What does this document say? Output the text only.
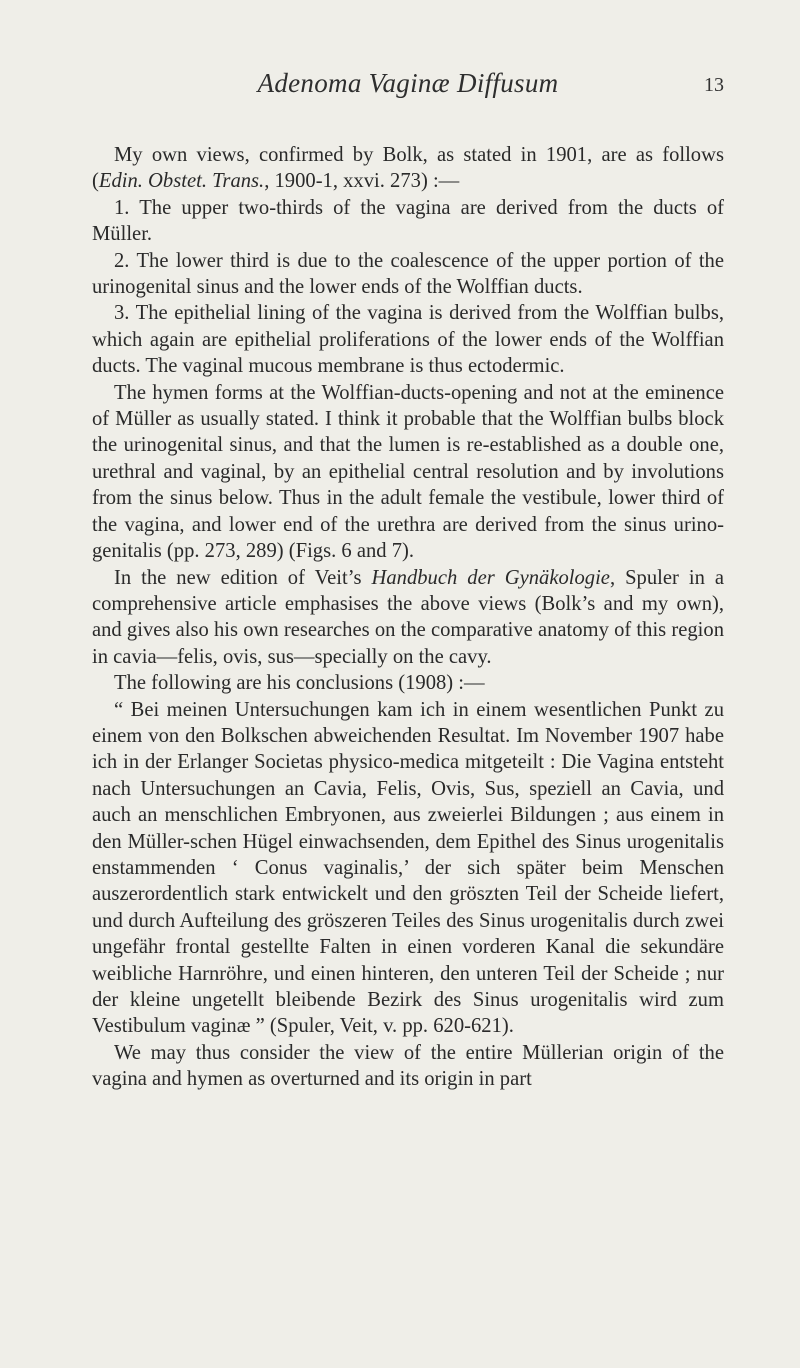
Adenoma Vaginæ Diffusum	13

My own views, confirmed by Bolk, as stated in 1901, are as follows (Edin. Obstet. Trans., 1900-1, xxvi. 273) :—

1. The upper two-thirds of the vagina are derived from the ducts of Müller.

2. The lower third is due to the coalescence of the upper portion of the urinogenital sinus and the lower ends of the Wolffian ducts.

3. The epithelial lining of the vagina is derived from the Wolffian bulbs, which again are epithelial proliferations of the lower ends of the Wolffian ducts. The vaginal mucous membrane is thus ectodermic.

The hymen forms at the Wolffian-ducts-opening and not at the eminence of Müller as usually stated. I think it probable that the Wolffian bulbs block the urinogenital sinus, and that the lumen is re-established as a double one, urethral and vaginal, by an epithelial central resolution and by involutions from the sinus below. Thus in the adult female the vestibule, lower third of the vagina, and lower end of the urethra are derived from the sinus urino-genitalis (pp. 273, 289) (Figs. 6 and 7).

In the new edition of Veit’s Handbuch der Gynäkologie, Spuler in a comprehensive article emphasises the above views (Bolk’s and my own), and gives also his own researches on the comparative anatomy of this region in cavia—felis, ovis, sus—specially on the cavy.

The following are his conclusions (1908) :—

“ Bei meinen Untersuchungen kam ich in einem wesentlichen Punkt zu einem von den Bolkschen abweichenden Resultat. Im November 1907 habe ich in der Erlanger Societas physico-medica mitgeteilt : Die Vagina entsteht nach Untersuchungen an Cavia, Felis, Ovis, Sus, speziell an Cavia, und auch an menschlichen Embryonen, aus zweierlei Bildungen ; aus einem in den Müller-schen Hügel einwachsenden, dem Epithel des Sinus urogenitalis enstammenden ‘ Conus vaginalis,’ der sich später beim Menschen auszerordentlich stark entwickelt und den gröszten Teil der Scheide liefert, und durch Aufteilung des gröszeren Teiles des Sinus urogenitalis durch zwei ungefähr frontal gestellte Falten in einen vorderen Kanal die sekundäre weibliche Harnröhre, und einen hinteren, den unteren Teil der Scheide ; nur der kleine ungetellt bleibende Bezirk des Sinus urogenitalis wird zum Vestibulum vaginæ ” (Spuler, Veit, v. pp. 620-621).

We may thus consider the view of the entire Müllerian origin of the vagina and hymen as overturned and its origin in part
